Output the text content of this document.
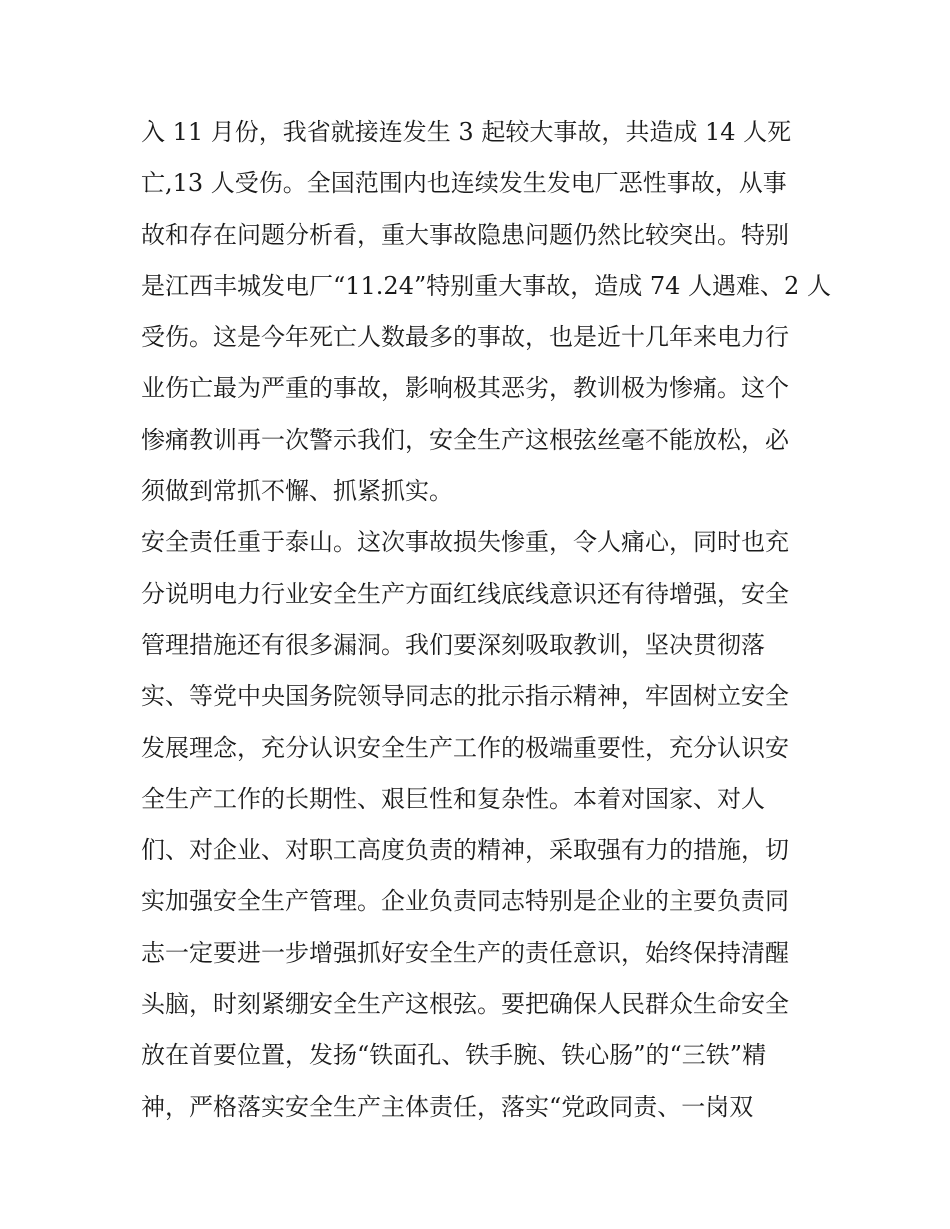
入 11 月份，我省就接连发生 3 起较大事故，共造成 14 人死
亡,13 人受伤。全国范围内也连续发生发电厂恶性事故，从事
故和存在问题分析看，重大事故隐患问题仍然比较突出。特别
是江西丰城发电厂“11.24”特别重大事故，造成 74 人遇难、2 人
受伤。这是今年死亡人数最多的事故，也是近十几年来电力行
业伤亡最为严重的事故，影响极其恶劣，教训极为惨痛。这个
惨痛教训再一次警示我们，安全生产这根弦丝毫不能放松，必
须做到常抓不懈、抓紧抓实。
安全责任重于泰山。这次事故损失惨重，令人痛心，同时也充
分说明电力行业安全生产方面红线底线意识还有待增强，安全
管理措施还有很多漏洞。我们要深刻吸取教训，坚决贯彻落
实、等党中央国务院领导同志的批示指示精神，牢固树立安全
发展理念，充分认识安全生产工作的极端重要性，充分认识安
全生产工作的长期性、艰巨性和复杂性。本着对国家、对人
们、对企业、对职工高度负责的精神，采取强有力的措施，切
实加强安全生产管理。企业负责同志特别是企业的主要负责同
志一定要进一步增强抓好安全生产的责任意识，始终保持清醒
头脑，时刻紧绷安全生产这根弦。要把确保人民群众生命安全
放在首要位置，发扬“铁面孔、铁手腕、铁心肠”的“三铁”精
神，严格落实安全生产主体责任，落实“党政同责、一岗双
